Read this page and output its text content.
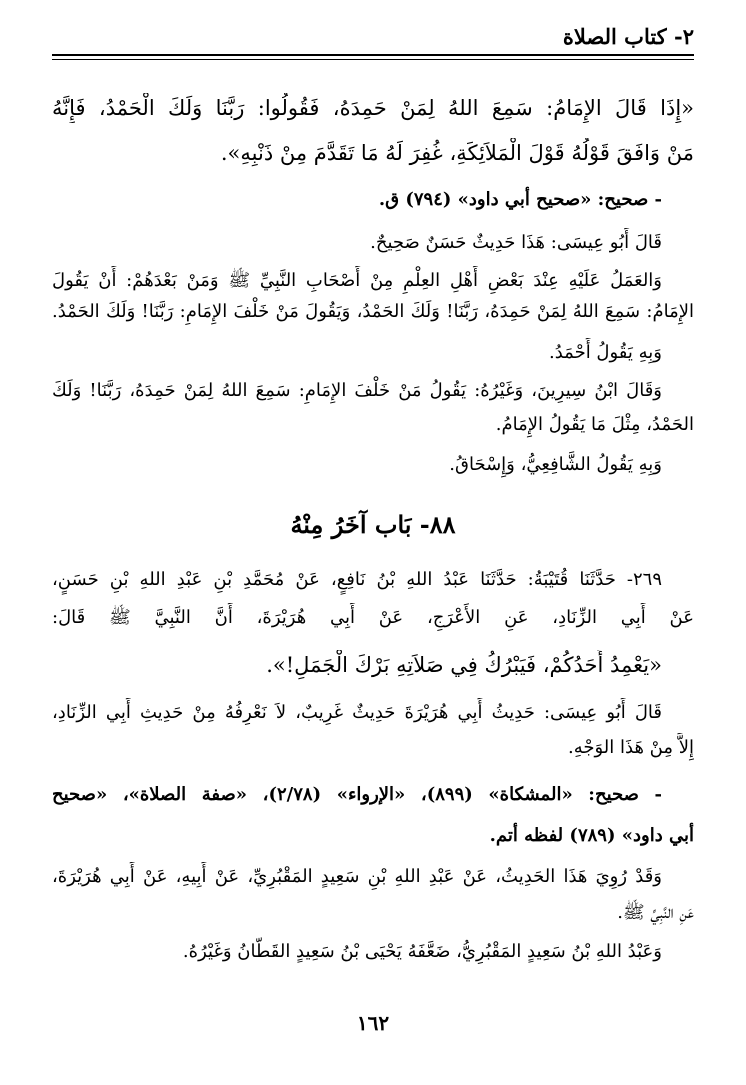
٢- كتاب الصلاة
«إِذَا قَالَ الإِمَامُ: سَمِعَ اللهُ لِمَنْ حَمِدَهُ، فَقُولُوا: رَبَّنَا وَلَكَ الْحَمْدُ، فَإِنَّهُ
مَنْ وَافَقَ قَوْلُهُ قَوْلَ الْمَلاَئِكَةِ، غُفِرَ لَهُ مَا تَقَدَّمَ مِنْ ذَنْبِهِ».
- صحيح: «صحيح أبي داود» (٧٩٤) ق.
قَالَ أَبُو عِيسَى: هَذَا حَدِيثٌ حَسَنٌ صَحِيحٌ.
وَالعَمَلُ عَلَيْهِ عِنْدَ بَعْضِ أَهْلِ العِلْمِ مِنْ أَصْحَابِ النَّبِيِّ ﷺ وَمَنْ بَعْدَهُمْ: أَنْ يَقُولَ
الإِمَامُ: سَمِعَ اللهُ لِمَنْ حَمِدَهُ، رَبَّنَا! وَلَكَ الحَمْدُ، وَيَقُولَ مَنْ خَلْفَ الإِمَامِ: رَبَّنَا! وَلَكَ الحَمْدُ.
وَبِهِ يَقُولُ أَحْمَدُ.
وَقَالَ ابْنُ سِيرِينَ، وَغَيْرُهُ: يَقُولُ مَنْ خَلْفَ الإِمَامِ: سَمِعَ اللهُ لِمَنْ حَمِدَهُ، رَبَّنَا! وَلَكَ
الحَمْدُ، مِثْلَ مَا يَقُولُ الإِمَامُ.
وَبِهِ يَقُولُ الشَّافِعِيُّ، وَإِسْحَاقُ.
٨٨- بَاب آخَرُ مِنْهُ
٢٦٩- حَدَّثَنَا قُتَيْبَةُ: حَدَّثَنَا عَبْدُ اللهِ بْنُ نَافِعٍ، عَنْ مُحَمَّدِ بْنِ عَبْدِ اللهِ بْنِ حَسَنٍ،
عَنْ أَبِي الزِّنَادِ، عَنِ الأَعْرَجِ، عَنْ أَبِي هُرَيْرَةَ، أَنَّ النَّبِيَّ ﷺ قَالَ:
«يَعْمِدُ أَحَدُكُمْ، فَيَبْرُكُ فِي صَلاَتِهِ بَرْكَ الْجَمَلِ!».
قَالَ أَبُو عِيسَى: حَدِيثُ أَبِي هُرَيْرَةَ حَدِيثٌ غَرِيبٌ، لاَ نَعْرِفُهُ مِنْ حَدِيثِ أَبِي الزِّنَادِ،
إِلاَّ مِنْ هَذَا الوَجْهِ.
- صحيح: «المشكاة» (٨٩٩)، «الإرواء» (٢/٧٨)، «صفة الصلاة»، «صحيح
أبي داود» (٧٨٩) لفظه أتم.
وَقَدْ رُوِيَ هَذَا الحَدِيثُ، عَنْ عَبْدِ اللهِ بْنِ سَعِيدٍ المَقْبُرِيِّ، عَنْ أَبِيهِ، عَنْ أَبِي هُرَيْرَةَ،
عَنِ النَّبِيِّ ﷺ.
وَعَبْدُ اللهِ بْنُ سَعِيدٍ المَقْبُرِيُّ، ضَعَّفَهُ يَحْيَى بْنُ سَعِيدٍ القَطَّانُ وَغَيْرُهُ.
١٦٢
